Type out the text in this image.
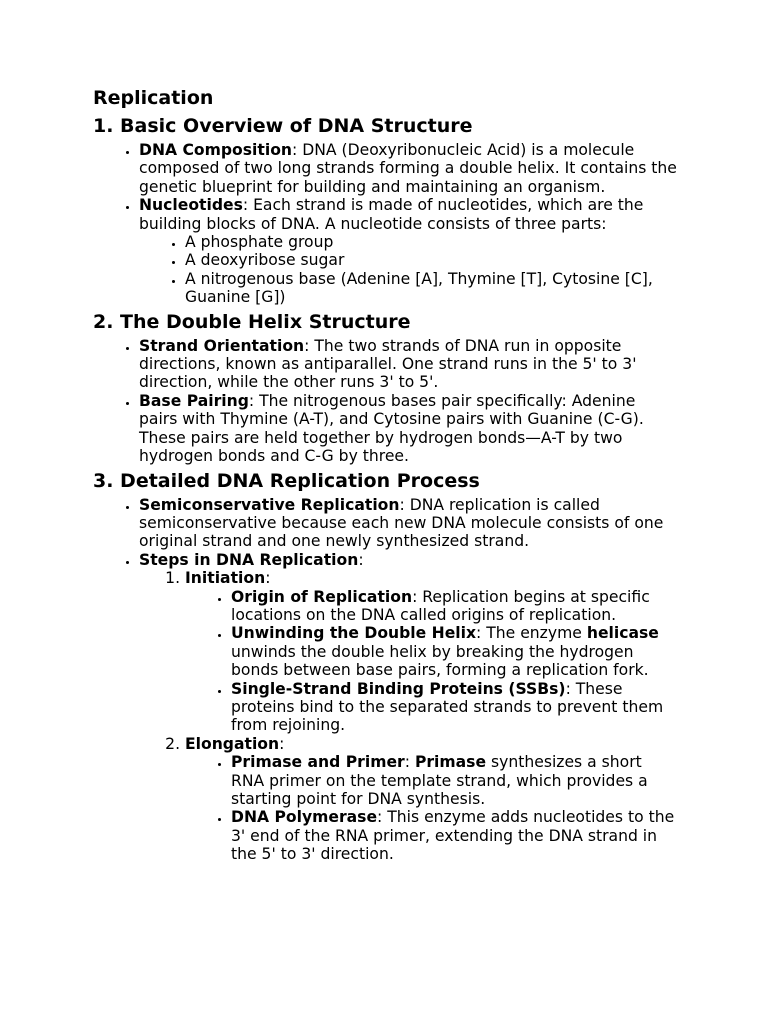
Replication
1. Basic Overview of DNA Structure
• DNA Composition: DNA (Deoxyribonucleic Acid) is a molecule composed of two long strands forming a double helix. It contains the genetic blueprint for building and maintaining an organism.
• Nucleotides: Each strand is made of nucleotides, which are the building blocks of DNA. A nucleotide consists of three parts:
• A phosphate group
• A deoxyribose sugar
• A nitrogenous base (Adenine [A], Thymine [T], Cytosine [C], Guanine [G])
2. The Double Helix Structure
• Strand Orientation: The two strands of DNA run in opposite directions, known as antiparallel. One strand runs in the 5' to 3' direction, while the other runs 3' to 5'.
• Base Pairing: The nitrogenous bases pair specifically: Adenine pairs with Thymine (A-T), and Cytosine pairs with Guanine (C-G). These pairs are held together by hydrogen bonds—A-T by two hydrogen bonds and C-G by three.
3. Detailed DNA Replication Process
• Semiconservative Replication: DNA replication is called semiconservative because each new DNA molecule consists of one original strand and one newly synthesized strand.
• Steps in DNA Replication:
1. Initiation:
• Origin of Replication: Replication begins at specific locations on the DNA called origins of replication.
• Unwinding the Double Helix: The enzyme helicase unwinds the double helix by breaking the hydrogen bonds between base pairs, forming a replication fork.
• Single-Strand Binding Proteins (SSBs): These proteins bind to the separated strands to prevent them from rejoining.
2. Elongation:
• Primase and Primer: Primase synthesizes a short RNA primer on the template strand, which provides a starting point for DNA synthesis.
• DNA Polymerase: This enzyme adds nucleotides to the 3' end of the RNA primer, extending the DNA strand in the 5' to 3' direction.
